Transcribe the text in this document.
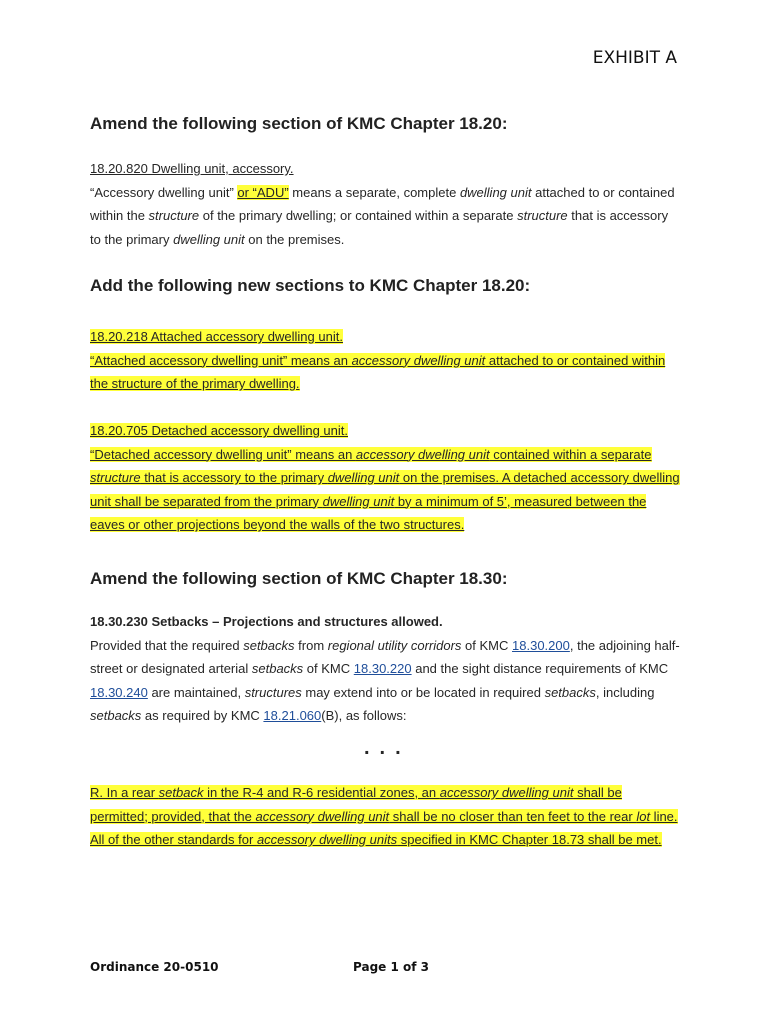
EXHIBIT A
Amend the following section of KMC Chapter 18.20:

18.20.820 Dwelling unit, accessory.

“Accessory dwelling unit” or “ADU” means a separate, complete dwelling unit attached to or contained within the structure of the primary dwelling; or contained within a separate structure that is accessory to the primary dwelling unit on the premises.

Add the following new sections to KMC Chapter 18.20:

18.20.218 Attached accessory dwelling unit.

“Attached accessory dwelling unit” means an accessory dwelling unit attached to or contained within the structure of the primary dwelling.

18.20.705 Detached accessory dwelling unit.

“Detached accessory dwelling unit” means an accessory dwelling unit contained within a separate structure that is accessory to the primary dwelling unit on the premises. A detached accessory dwelling unit shall be separated from the primary dwelling unit by a minimum of 5’, measured between the eaves or other projections beyond the walls of the two structures.

Amend the following section of KMC Chapter 18.30:

18.30.230 Setbacks – Projections and structures allowed.

Provided that the required setbacks from regional utility corridors of KMC 18.30.200, the adjoining half-street or designated arterial setbacks of KMC 18.30.220 and the sight distance requirements of KMC 18.30.240 are maintained, structures may extend into or be located in required setbacks, including setbacks as required by KMC 18.21.060(B), as follows:

...

R. In a rear setback in the R-4 and R-6 residential zones, an accessory dwelling unit shall be permitted; provided, that the accessory dwelling unit shall be no closer than ten feet to the rear lot line. All of the other standards for accessory dwelling units specified in KMC Chapter 18.73 shall be met.

Ordinance 20-0510	Page 1 of 3
